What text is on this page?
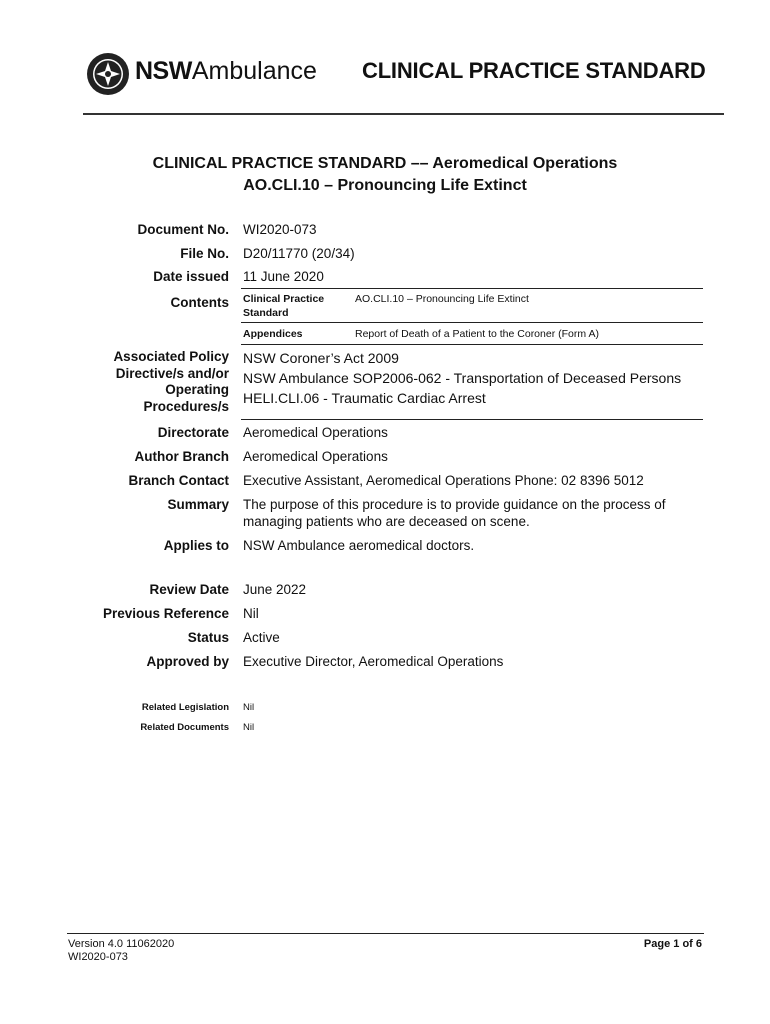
NSWAmbulance CLINICAL PRACTICE STANDARD
CLINICAL PRACTICE STANDARD –– Aeromedical Operations
AO.CLI.10 – Pronouncing Life Extinct
Document No. WI2020-073
File No. D20/11770 (20/34)
Date issued 11 June 2020
Contents Clinical Practice
Standard
AO.CLI.10 – Pronouncing Life Extinct
Appendices	Report of Death of a Patient to the Coroner (Form A)
Associated Policy
Directive/s and/or
Operating
Procedures/s
NSW Coroner’s Act 2009
NSW Ambulance SOP2006-062 - Transportation of Deceased Persons
HELI.CLI.06 - Traumatic Cardiac Arrest
Directorate Aeromedical Operations
Author Branch Aeromedical Operations
Branch Contact Executive Assistant, Aeromedical Operations Phone: 02 8396 5012
Summary The purpose of this procedure is to provide guidance on the process of
managing patients who are deceased on scene.
Applies to NSW Ambulance aeromedical doctors.
Review Date June 2022
Previous Reference Nil
Status Active
Approved by Executive Director, Aeromedical Operations
Related Legislation Nil
Related Documents Nil
Version 4.0 11062020
WI2020-073
Page 1 of 6
